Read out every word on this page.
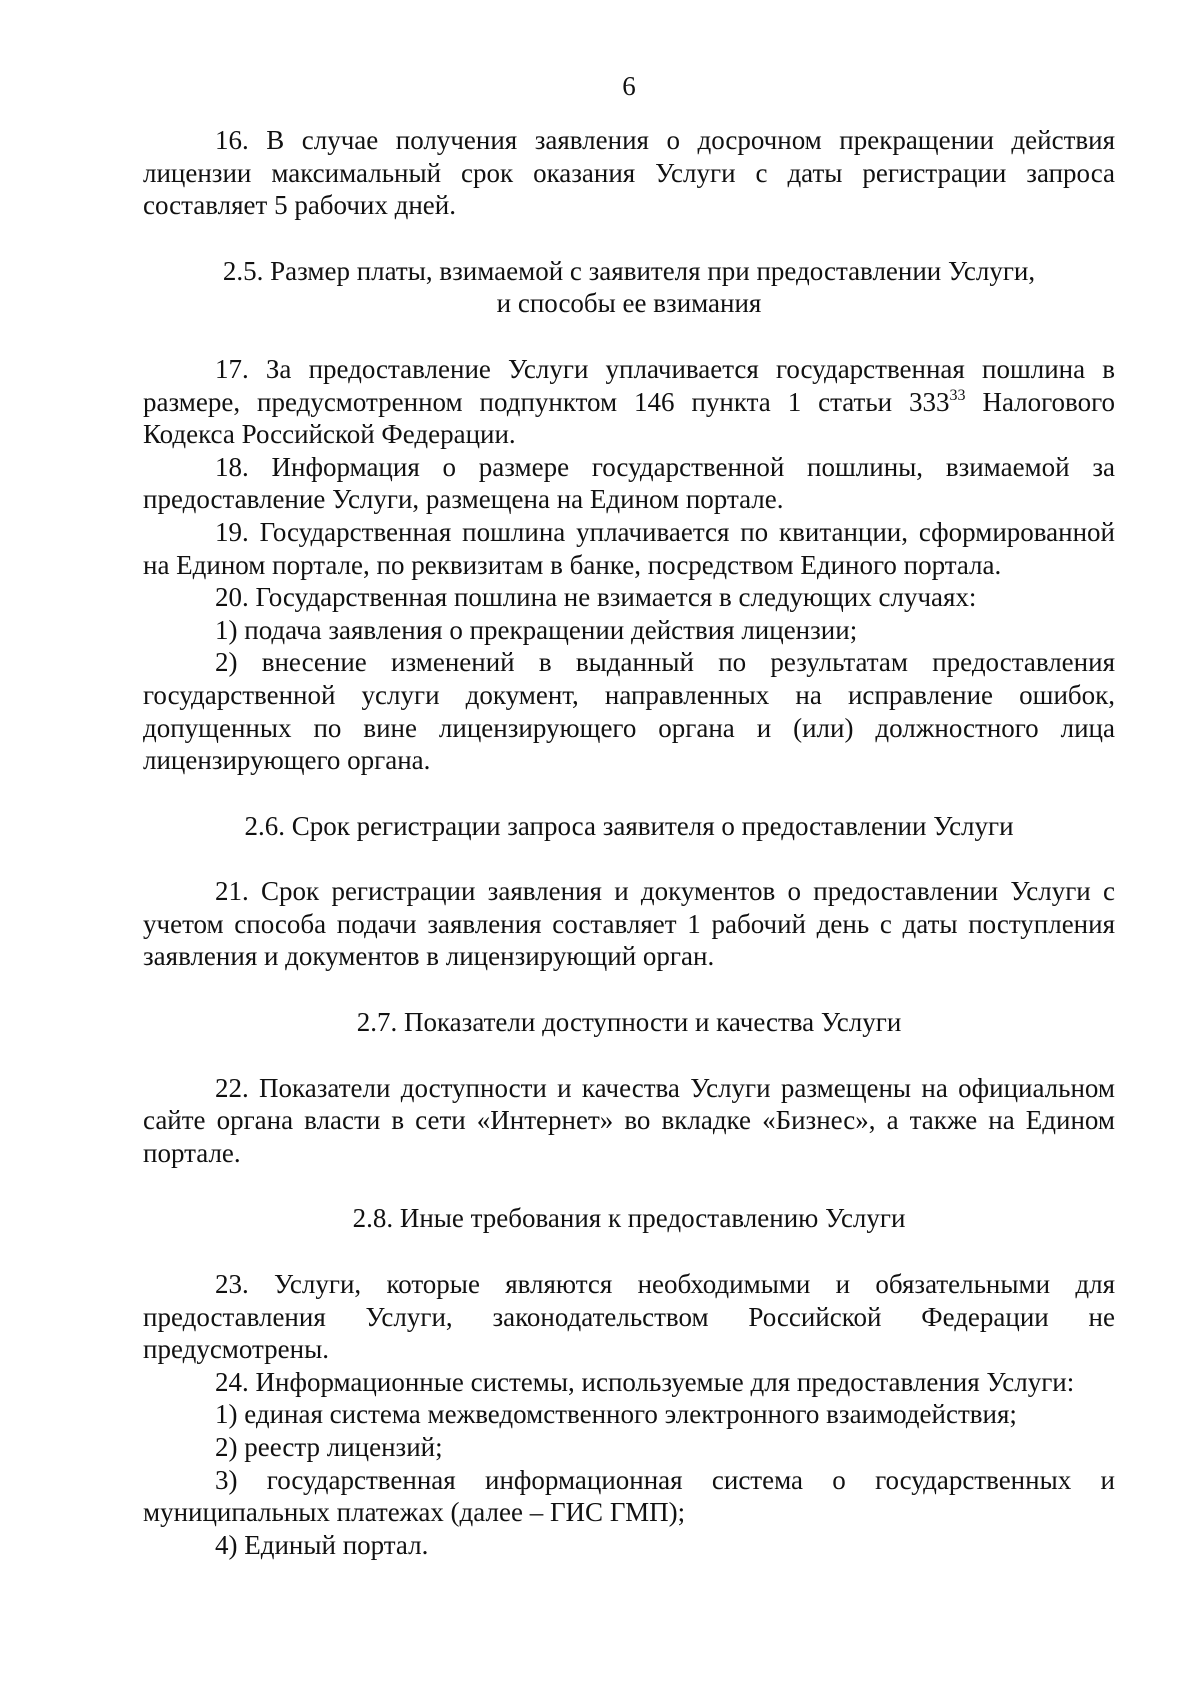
6

16. В случае получения заявления о досрочном прекращении действия лицензии максимальный срок оказания Услуги с даты регистрации запроса составляет 5 рабочих дней.

2.5. Размер платы, взимаемой с заявителя при предоставлении Услуги,
и способы ее взимания

17. За предоставление Услуги уплачивается государственная пошлина в размере, предусмотренном подпунктом 146 пункта 1 статьи $333^{33}$ Налогового Кодекса Российской Федерации.

18. Информация о размере государственной пошлины, взимаемой за предоставление Услуги, размещена на Едином портале.

19. Государственная пошлина уплачивается по квитанции, сформированной на Едином портале, по реквизитам в банке, посредством Единого портала.

20. Государственная пошлина не взимается в следующих случаях:

1) подача заявления о прекращении действия лицензии;

2) внесение изменений в выданный по результатам предоставления государственной услуги документ, направленных на исправление ошибок, допущенных по вине лицензирующего органа и (или) должностного лица лицензирующего органа.

2.6. Срок регистрации запроса заявителя о предоставлении Услуги

21. Срок регистрации заявления и документов о предоставлении Услуги с учетом способа подачи заявления составляет 1 рабочий день с даты поступления заявления и документов в лицензирующий орган.

2.7. Показатели доступности и качества Услуги

22. Показатели доступности и качества Услуги размещены на официальном сайте органа власти в сети «Интернет» во вкладке «Бизнес», а также на Едином портале.

2.8. Иные требования к предоставлению Услуги

23. Услуги, которые являются необходимыми и обязательными для предоставления Услуги, законодательством Российской Федерации не предусмотрены.

24. Информационные системы, используемые для предоставления Услуги:

1) единая система межведомственного электронного взаимодействия;

2) реестр лицензий;

3) государственная информационная система о государственных и муниципальных платежах (далее – ГИС ГМП);

4) Единый портал.
